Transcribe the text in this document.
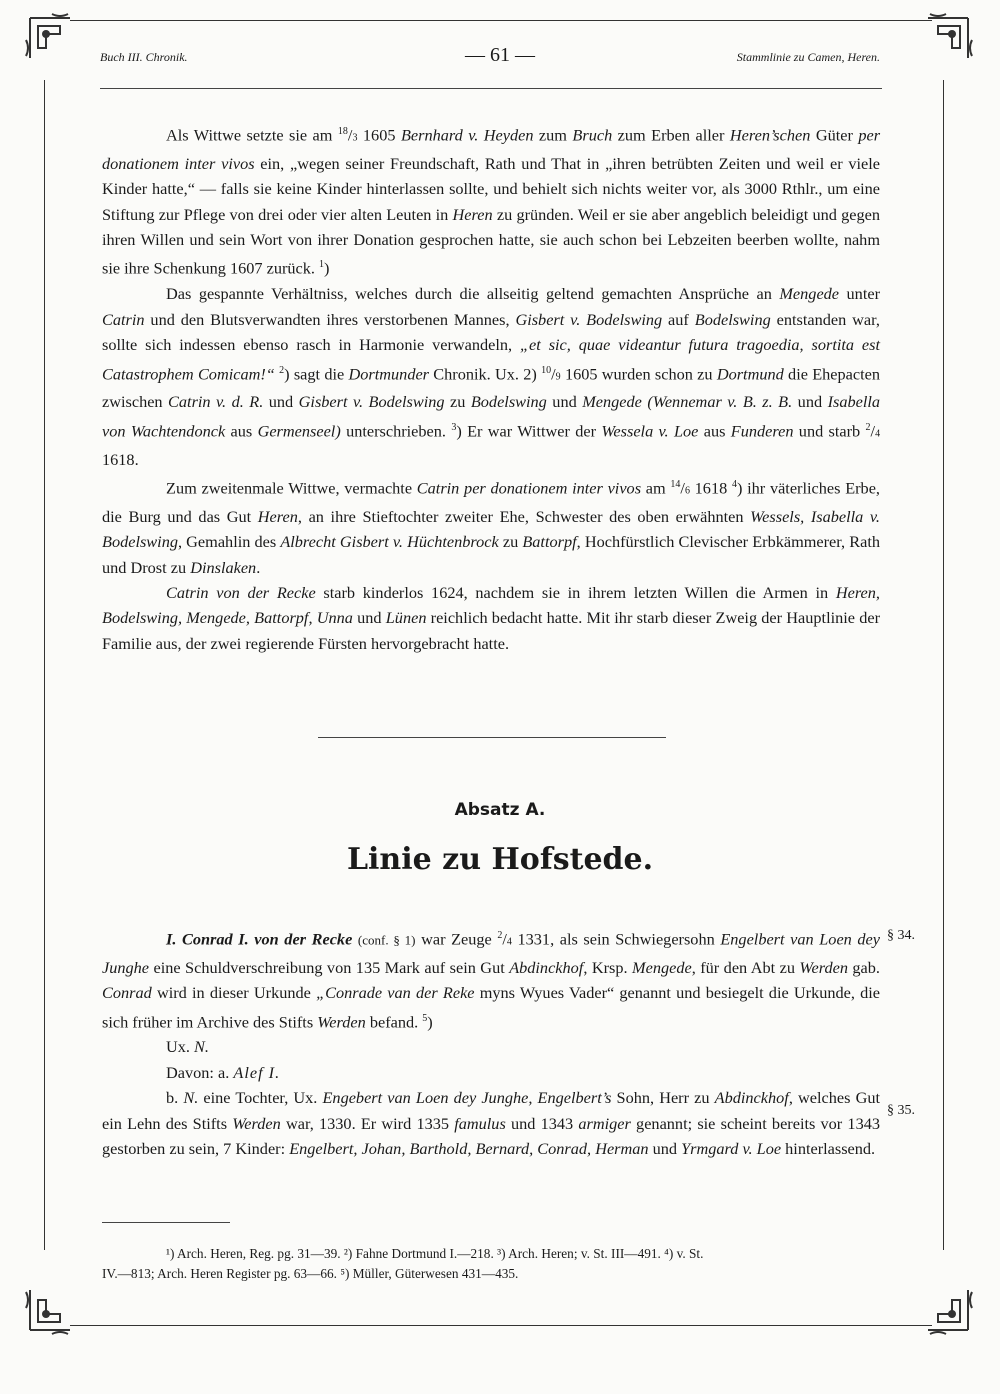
Buch III. Chronik.	— 61 —	Stammlinie zu Camen, Heren.

Als Wittwe setzte sie am $^{18}$/3 1605 Bernhard v. Heyden zum Bruch zum Erben aller Heren’schen Güter per donationem inter vivos ein, „wegen seiner Freundschaft, Rath und That in „ihren betrübten Zeiten und weil er viele Kinder hatte,“ — falls sie keine Kinder hinterlassen sollte, und behielt sich nichts weiter vor, als 3000 Rthlr., um eine Stiftung zur Pflege von drei oder vier alten Leuten in Heren zu gründen. Weil er sie aber angeblich beleidigt und gegen ihren Willen und sein Wort von ihrer Donation gesprochen hatte, sie auch schon bei Lebzeiten beerben wollte, nahm sie ihre Schenkung 1607 zurück. $^1$)

Das gespannte Verhältniss, welches durch die allseitig geltend gemachten Ansprüche an Mengede unter Catrin und den Blutsverwandten ihres verstorbenen Mannes, Gisbert v. Bodelswing auf Bodelswing entstanden war, sollte sich indessen ebenso rasch in Harmonie verwandeln, „et sic, quae videantur futura tragoedia, sortita est Catastrophem Comicam!“ $^2$) sagt die Dortmunder Chronik. Ux. 2) $^{10}$/9 1605 wurden schon zu Dortmund die Ehepacten zwischen Catrin v. d. R. und Gisbert v. Bodelswing zu Bodelswing und Mengede (Wennemar v. B. z. B. und Isabella von Wachtendonck aus Germenseel) unterschrieben. $^3$) Er war Wittwer der Wessela v. Loe aus Funderen und starb $^2$/4 1618.

Zum zweitenmale Wittwe, vermachte Catrin per donationem inter vivos am $^{14}$/6 1618 $^4$) ihr väterliches Erbe, die Burg und das Gut Heren, an ihre Stieftochter zweiter Ehe, Schwester des oben erwähnten Wessels, Isabella v. Bodelswing, Gemahlin des Albrecht Gisbert v. Hüchtenbrock zu Battorpf, Hochfürstlich Clevischer Erbkämmerer, Rath und Drost zu Dinslaken.

Catrin von der Recke starb kinderlos 1624, nachdem sie in ihrem letzten Willen die Armen in Heren, Bodelswing, Mengede, Battorpf, Unna und Lünen reichlich bedacht hatte. Mit ihr starb dieser Zweig der Hauptlinie der Familie aus, der zwei regierende Fürsten hervorgebracht hatte.

Absatz A.
Linie zu Hofstede.

I. Conrad I. von der Recke (conf. § 1) war Zeuge $^2$/4 1331, als sein Schwiegersohn Engelbert van Loen dey Junghe eine Schuldverschreibung von 135 Mark auf sein Gut Abdinckhof, Krsp. Mengede, für den Abt zu Werden gab. Conrad wird in dieser Urkunde „Conrade van der Reke myns Wyues Vader“ genannt und besiegelt die Urkunde, die sich früher im Archive des Stifts Werden befand. $^5$)

Ux. N.

Davon: a. Alef I.

b. N. eine Tochter, Ux. Engebert van Loen dey Junghe, Engelbert’s Sohn, Herr zu Abdinckhof, welches Gut ein Lehn des Stifts Werden war, 1330. Er wird 1335 famulus und 1343 armiger genannt; sie scheint bereits vor 1343 gestorben zu sein, 7 Kinder: Engelbert, Johan, Barthold, Bernard, Conrad, Herman und Yrmgard v. Loe hinterlassend.

§ 34.
§ 35.

¹) Arch. Heren, Reg. pg. 31—39. ²) Fahne Dortmund I.—218. ³) Arch. Heren; v. St. III—491. ⁴) v. St.

IV.—813; Arch. Heren Register pg. 63—66. ⁵) Müller, Güterwesen 431—435.
